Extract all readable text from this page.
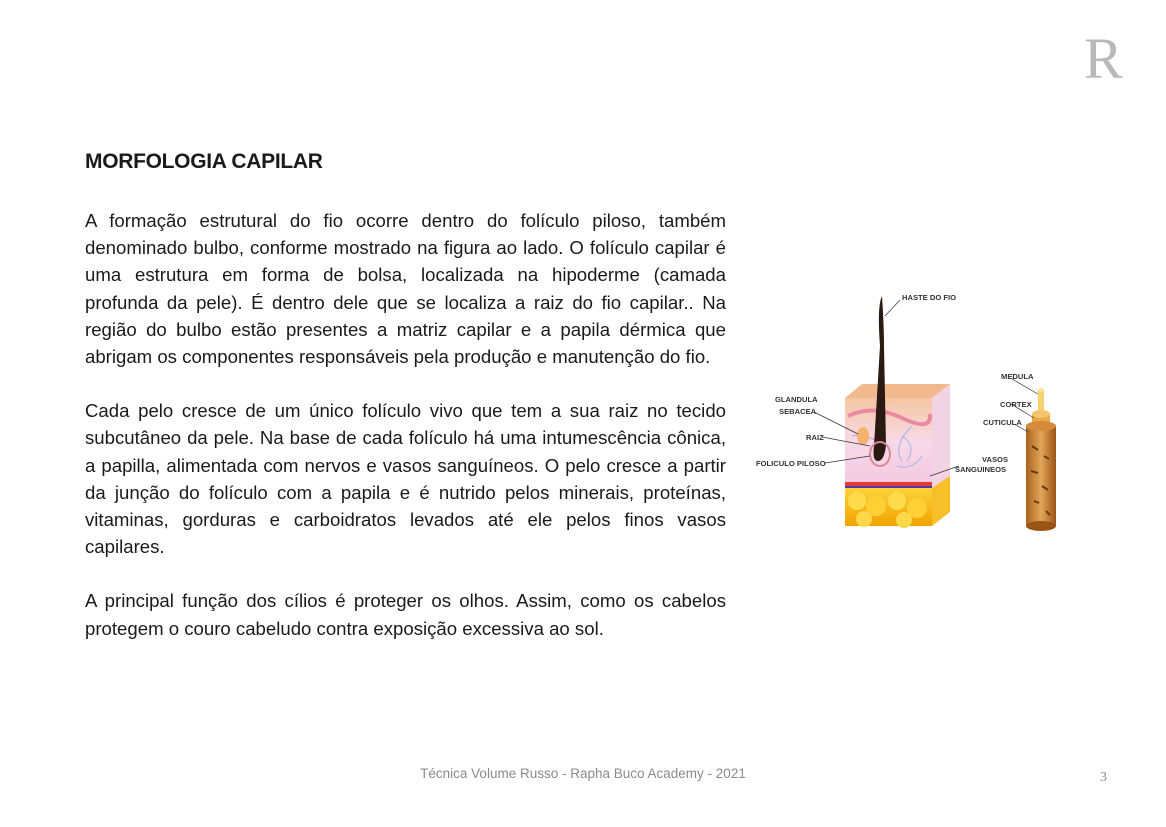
R
MORFOLOGIA CAPILAR

A formação estrutural do fio ocorre dentro do folículo piloso, também denominado bulbo, conforme mostrado na figura ao lado. O folículo capilar é uma estrutura em forma de bolsa, localizada na hipoderme (camada profunda da pele). É dentro dele que se localiza a raiz do fio capilar.. Na região do bulbo estão presentes a matriz capilar e a papila dérmica que abrigam os componentes responsáveis pela produção e manutenção do fio.

Cada pelo cresce de um único folículo vivo que tem a sua raiz no tecido subcutâneo da pele. Na base de cada folículo há uma intumescência cônica, a papilla, alimentada com nervos e vasos sanguíneos. O pelo cresce a partir da junção do folículo com a papila e é nutrido pelos minerais, proteínas, vitaminas, gorduras e carboidratos levados até ele pelos finos vasos capilares.

A principal função dos cílios é proteger os olhos. Assim, como os cabelos protegem o couro cabeludo contra exposição excessiva ao sol.

HASTE DO FIO
GLANDULA
SEBACEA
RAIZ
FOLICULO PILOSO
MEDULA
CORTEX
CUTICULA
VASOS
SANGUINEOS
Técnica Volume Russo - Rapha Buco Academy - 2021	3
